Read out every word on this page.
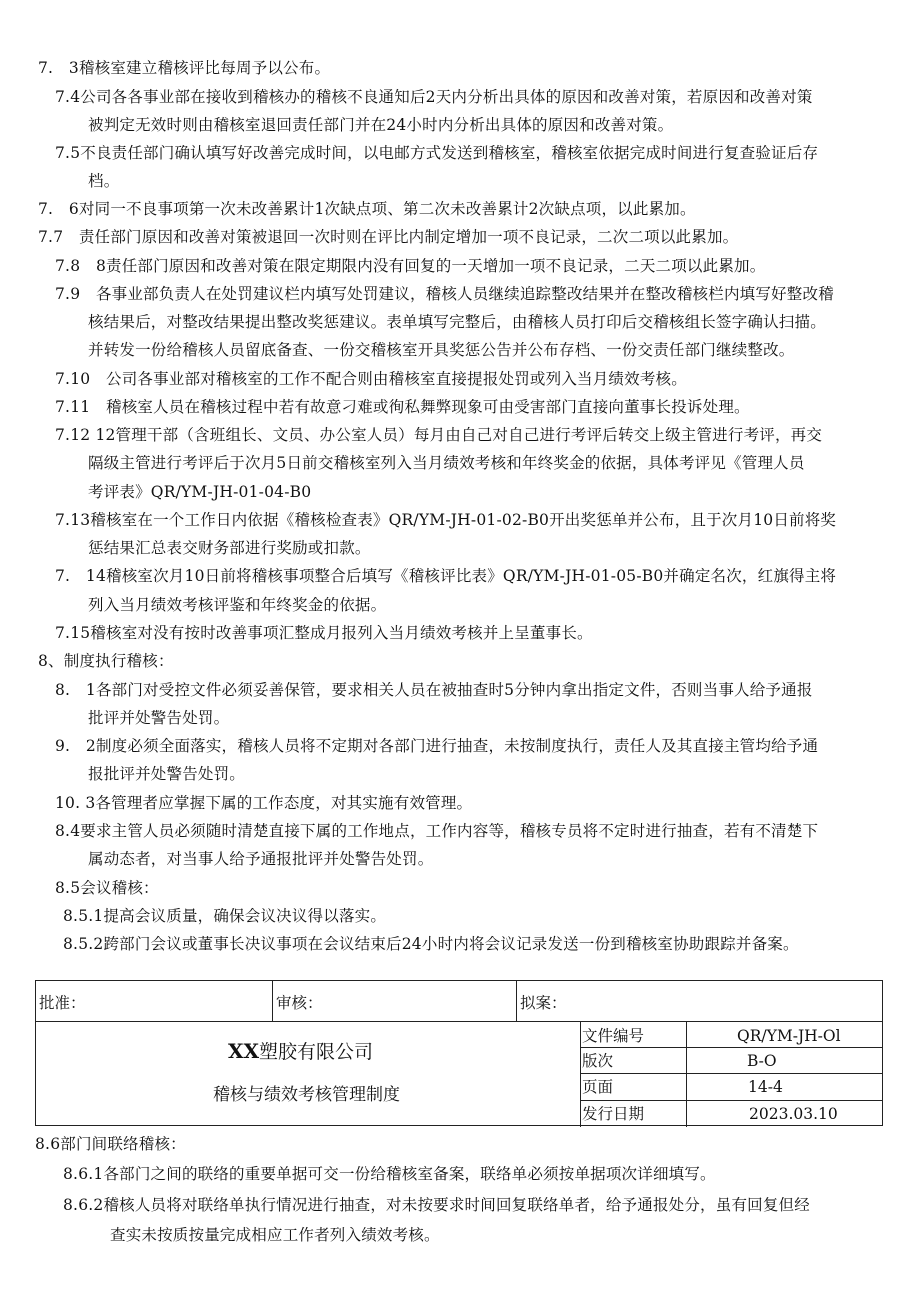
7.　3稽核室建立稽核评比每周予以公布。
7.4公司各各事业部在接收到稽核办的稽核不良通知后2天内分析出具体的原因和改善对策，若原因和改善对策
被判定无效时则由稽核室退回责任部门并在24小时内分析出具体的原因和改善对策。
7.5不良责任部门确认填写好改善完成时间，以电邮方式发送到稽核室，稽核室依据完成时间进行复查验证后存
档。
7.　6对同一不良事项第一次未改善累计1次缺点项、第二次未改善累计2次缺点项，以此累加。
7.7　责任部门原因和改善对策被退回一次时则在评比内制定增加一项不良记录，二次二项以此累加。
7.8　8责任部门原因和改善对策在限定期限内没有回复的一天增加一项不良记录，二天二项以此累加。
7.9　各事业部负责人在处罚建议栏内填写处罚建议，稽核人员继续追踪整改结果并在整改稽核栏内填写好整改稽
核结果后，对整改结果提出整改奖惩建议。表单填写完整后，由稽核人员打印后交稽核组长签字确认扫描。
并转发一份给稽核人员留底备查、一份交稽核室开具奖惩公告并公布存档、一份交责任部门继续整改。
7.10　公司各事业部对稽核室的工作不配合则由稽核室直接提报处罚或列入当月绩效考核。
7.11　稽核室人员在稽核过程中若有故意刁难或徇私舞弊现象可由受害部门直接向董事长投诉处理。
7.12 12管理干部（含班组长、文员、办公室人员）每月由自己对自己进行考评后转交上级主管进行考评，再交
隔级主管进行考评后于次月5日前交稽核室列入当月绩效考核和年终奖金的依据，具体考评见《管理人员
考评表》QR/YM-JH-01-04-B0
7.13稽核室在一个工作日内依据《稽核检查表》QR/YM-JH-01-02-B0开出奖惩单并公布，且于次月10日前将奖
惩结果汇总表交财务部进行奖励或扣款。
7.　14稽核室次月10日前将稽核事项整合后填写《稽核评比表》QR/YM-JH-01-05-B0并确定名次，红旗得主将
列入当月绩效考核评鉴和年终奖金的依据。
7.15稽核室对没有按时改善事项汇整成月报列入当月绩效考核并上呈董事长。
8、制度执行稽核：
8.　1各部门对受控文件必须妥善保管，要求相关人员在被抽查时5分钟内拿出指定文件，否则当事人给予通报
批评并处警告处罚。
9.　2制度必须全面落实，稽核人员将不定期对各部门进行抽查，未按制度执行，责任人及其直接主管均给予通
报批评并处警告处罚。
10. 3各管理者应掌握下属的工作态度，对其实施有效管理。
8.4要求主管人员必须随时清楚直接下属的工作地点，工作内容等，稽核专员将不定时进行抽查，若有不清楚下
属动态者，对当事人给予通报批评并处警告处罚。
8.5会议稽核：
8.5.1提高会议质量，确保会议决议得以落实。
8.5.2跨部门会议或董事长决议事项在会议结束后24小时内将会议记录发送一份到稽核室协助跟踪并备案。
批准：	审核：	拟案：
XX塑胶有限公司
稽核与绩效考核管理制度
文件编号	QR/YM-JH-Ol
版次	B-O
页面	14-4
发行日期	2023.03.10
8.6部门间联络稽核：
8.6.1各部门之间的联络的重要单据可交一份给稽核室备案，联络单必须按单据项次详细填写。
8.6.2稽核人员将对联络单执行情况进行抽查，对未按要求时间回复联络单者，给予通报处分，虽有回复但经
查实未按质按量完成相应工作者列入绩效考核。
